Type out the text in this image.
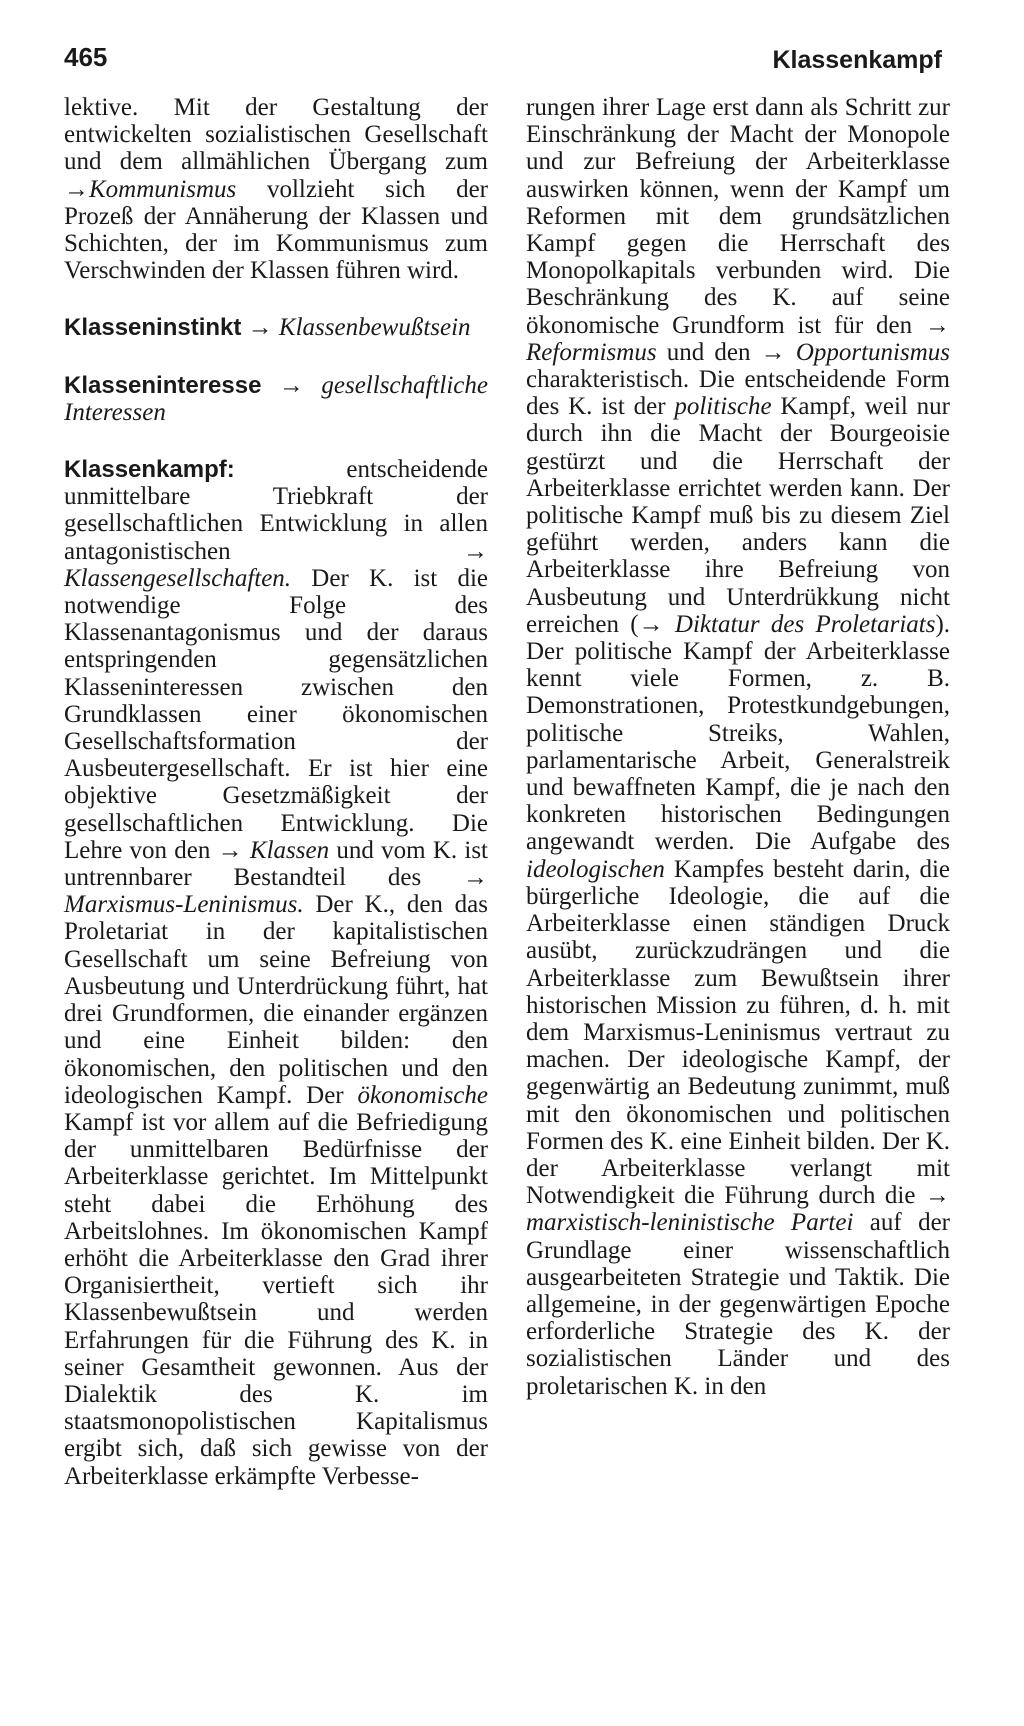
465	Klassenkampf

lektive. Mit der Gestaltung der entwickelten sozialistischen Gesellschaft und dem allmählichen Übergang zum →Kommunismus vollzieht sich der Prozeß der Annäherung der Klassen und Schichten, der im Kommunismus zum Verschwinden der Klassen führen wird.

Klasseninstinkt → Klassenbewußtsein

Klasseninteresse → gesellschaftliche Interessen

Klassenkampf: entscheidende unmittelbare Triebkraft der gesellschaftlichen Entwicklung in allen antagonistischen → Klassengesellschaften. Der K. ist die notwendige Folge des Klassenantagonismus und der daraus entspringenden gegensätzlichen Klasseninteressen zwischen den Grundklassen einer ökonomischen Gesellschaftsformation der Ausbeutergesellschaft. Er ist hier eine objektive Gesetzmäßigkeit der gesellschaftlichen Entwicklung. Die Lehre von den → Klassen und vom K. ist untrennbarer Bestandteil des → Marxismus-Leninismus. Der K., den das Proletariat in der kapitalistischen Gesellschaft um seine Befreiung von Ausbeutung und Unterdrückung führt, hat drei Grundformen, die einander ergänzen und eine Einheit bilden: den ökonomischen, den politischen und den ideologischen Kampf. Der ökonomische Kampf ist vor allem auf die Befriedigung der unmittelbaren Bedürfnisse der Arbeiterklasse gerichtet. Im Mittelpunkt steht dabei die Erhöhung des Arbeitslohnes. Im ökonomischen Kampf erhöht die Arbeiterklasse den Grad ihrer Organisiertheit, vertieft sich ihr Klassenbewußtsein und werden Erfahrungen für die Führung des K. in seiner Gesamtheit gewonnen. Aus der Dialektik des K. im staatsmonopolistischen Kapitalismus ergibt sich, daß sich gewisse von der Arbeiterklasse erkämpfte Verbesse-

rungen ihrer Lage erst dann als Schritt zur Einschränkung der Macht der Monopole und zur Befreiung der Arbeiterklasse auswirken können, wenn der Kampf um Reformen mit dem grundsätzlichen Kampf gegen die Herrschaft des Monopolkapitals verbunden wird. Die Beschränkung des K. auf seine ökonomische Grundform ist für den → Reformismus und den → Opportunismus charakteristisch. Die entscheidende Form des K. ist der politische Kampf, weil nur durch ihn die Macht der Bourgeoisie gestürzt und die Herrschaft der Arbeiterklasse errichtet werden kann. Der politische Kampf muß bis zu diesem Ziel geführt werden, anders kann die Arbeiterklasse ihre Befreiung von Ausbeutung und Unterdrükkung nicht erreichen (→ Diktatur des Proletariats). Der politische Kampf der Arbeiterklasse kennt viele Formen, z. B. Demonstrationen, Protestkundgebungen, politische Streiks, Wahlen, parlamentarische Arbeit, Generalstreik und bewaffneten Kampf, die je nach den konkreten historischen Bedingungen angewandt werden. Die Aufgabe des ideologischen Kampfes besteht darin, die bürgerliche Ideologie, die auf die Arbeiterklasse einen ständigen Druck ausübt, zurückzudrängen und die Arbeiterklasse zum Bewußtsein ihrer historischen Mission zu führen, d. h. mit dem Marxismus-Leninismus vertraut zu machen. Der ideologische Kampf, der gegenwärtig an Bedeutung zunimmt, muß mit den ökonomischen und politischen Formen des K. eine Einheit bilden. Der K. der Arbeiterklasse verlangt mit Notwendigkeit die Führung durch die → marxistisch-leninistische Partei auf der Grundlage einer wissenschaftlich ausgearbeiteten Strategie und Taktik. Die allgemeine, in der gegenwärtigen Epoche erforderliche Strategie des K. der sozialistischen Länder und des proletarischen K. in den
